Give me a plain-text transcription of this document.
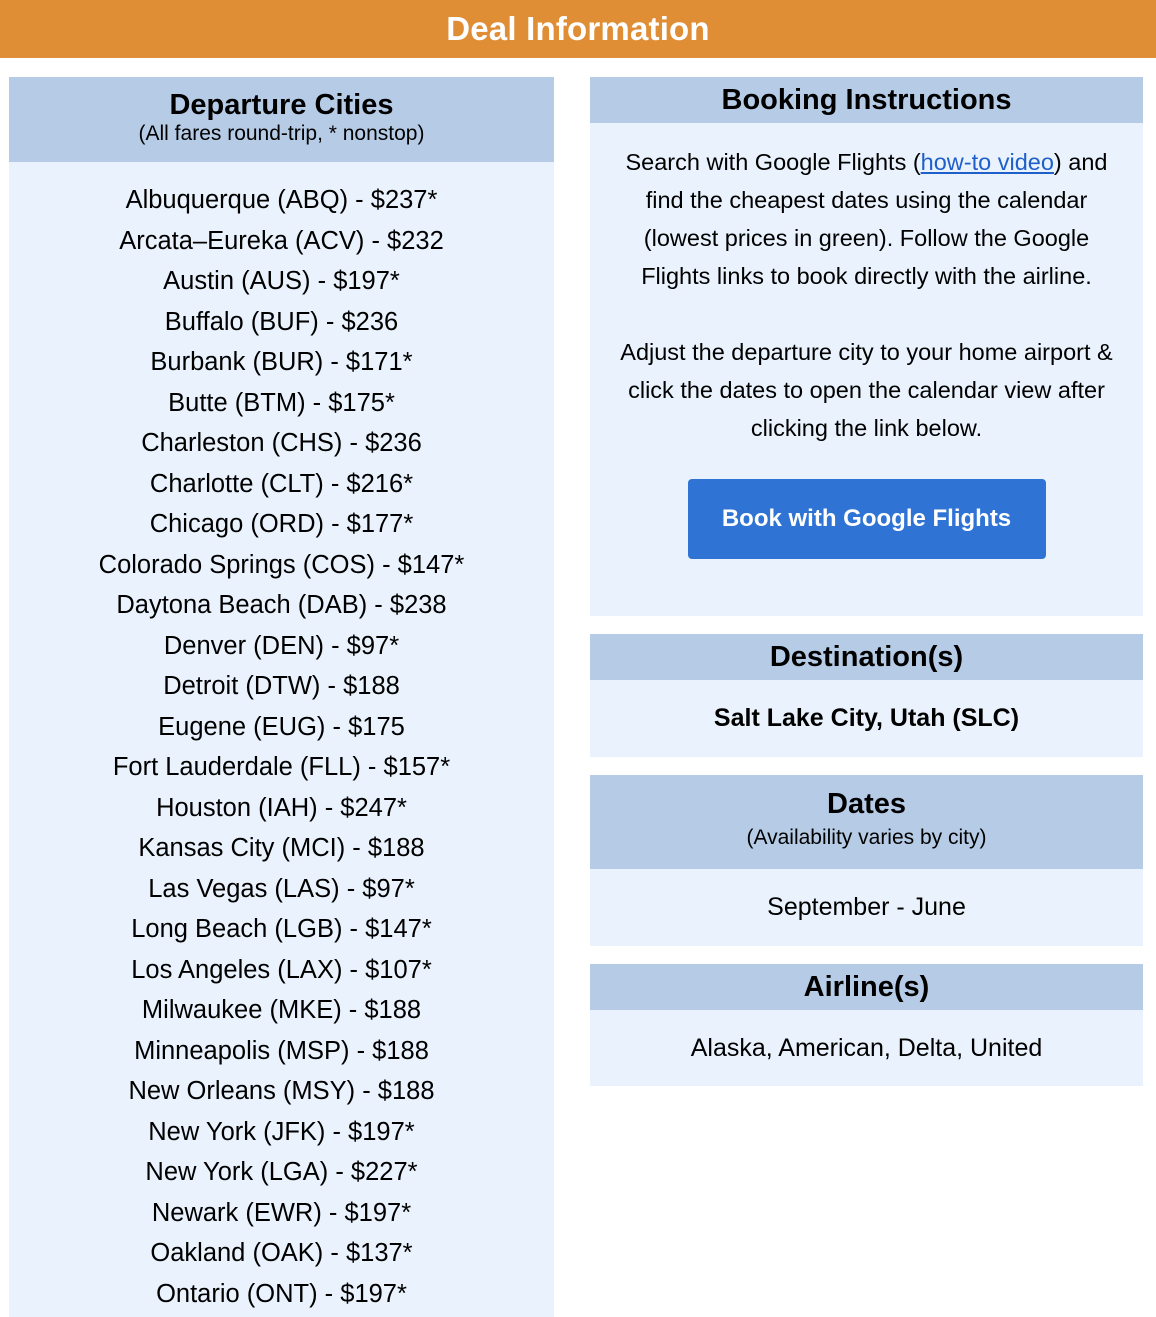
Deal Information
Departure Cities
(All fares round-trip, * nonstop)
Albuquerque (ABQ) - $237*
Arcata–Eureka (ACV) - $232
Austin (AUS) - $197*
Buffalo (BUF) - $236
Burbank (BUR) - $171*
Butte (BTM) - $175*
Charleston (CHS) - $236
Charlotte (CLT) - $216*
Chicago (ORD) - $177*
Colorado Springs (COS) - $147*
Daytona Beach (DAB) - $238
Denver (DEN) - $97*
Detroit (DTW) - $188
Eugene (EUG) - $175
Fort Lauderdale (FLL) - $157*
Houston (IAH) - $247*
Kansas City (MCI) - $188
Las Vegas (LAS) - $97*
Long Beach (LGB) - $147*
Los Angeles (LAX) - $107*
Milwaukee (MKE) - $188
Minneapolis (MSP) - $188
New Orleans (MSY) - $188
New York (JFK) - $197*
New York (LGA) - $227*
Newark (EWR) - $197*
Oakland (OAK) - $137*
Ontario (ONT) - $197*
Booking Instructions

Search with Google Flights (how-to video) and find the cheapest dates using the calendar (lowest prices in green). Follow the Google Flights links to book directly with the airline.

Adjust the departure city to your home airport & click the dates to open the calendar view after clicking the link below.

Book with Google Flights
Destination(s)
Salt Lake City, Utah (SLC)
Dates
(Availability varies by city)
September - June
Airline(s)
Alaska, American, Delta, United
